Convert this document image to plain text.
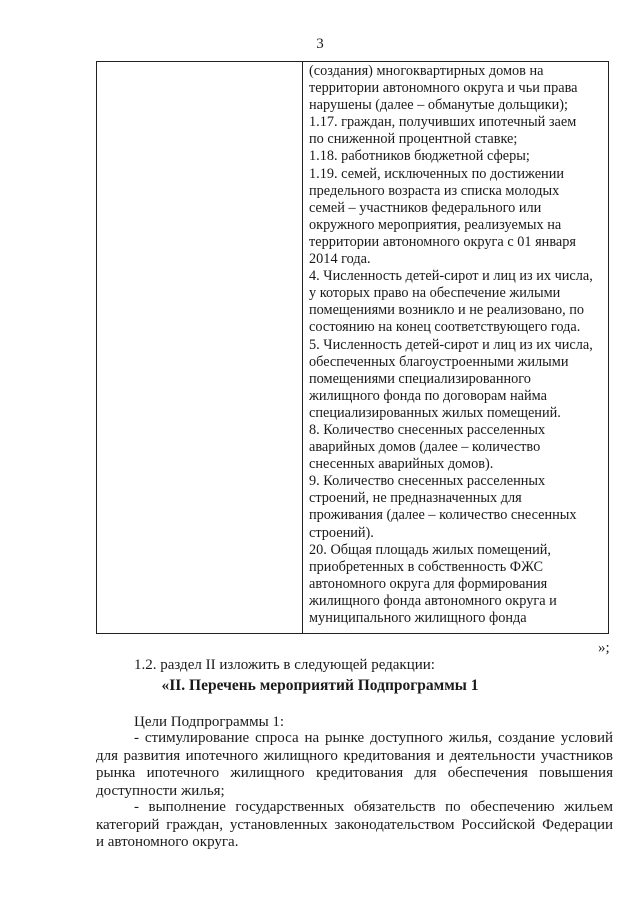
3
(создания) многоквартирных домов на
территории автономного округа и чьи права
нарушены (далее – обманутые дольщики);
1.17. граждан, получивших ипотечный заем
по сниженной процентной ставке;
1.18. работников бюджетной сферы;
1.19. семей, исключенных по достижении
предельного возраста из списка молодых
семей – участников федерального или
окружного мероприятия, реализуемых на
территории автономного округа с 01 января
2014 года.
4. Численность детей-сирот и лиц из их числа,
у которых право на обеспечение жилыми
помещениями возникло и не реализовано, по
состоянию на конец соответствующего года.
5. Численность детей-сирот и лиц из их числа,
обеспеченных благоустроенными жилыми
помещениями специализированного
жилищного фонда по договорам найма
специализированных жилых помещений.
8. Количество снесенных расселенных
аварийных домов (далее – количество
снесенных аварийных домов).
9. Количество снесенных расселенных
строений, не предназначенных для
проживания (далее – количество снесенных
строений).
20. Общая площадь жилых помещений,
приобретенных в собственность ФЖС
автономного округа для формирования
жилищного фонда автономного округа и
муниципального жилищного фонда
»;
1.2. раздел II изложить в следующей редакции:
«II. Перечень мероприятий Подпрограммы 1
Цели Подпрограммы 1:
- стимулирование спроса на рынке доступного жилья, создание условий
для развития ипотечного жилищного кредитования и деятельности участников
рынка ипотечного жилищного кредитования для обеспечения повышения
доступности жилья;
- выполнение государственных обязательств по обеспечению жильем
категорий граждан, установленных законодательством Российской Федерации
и автономного округа.
